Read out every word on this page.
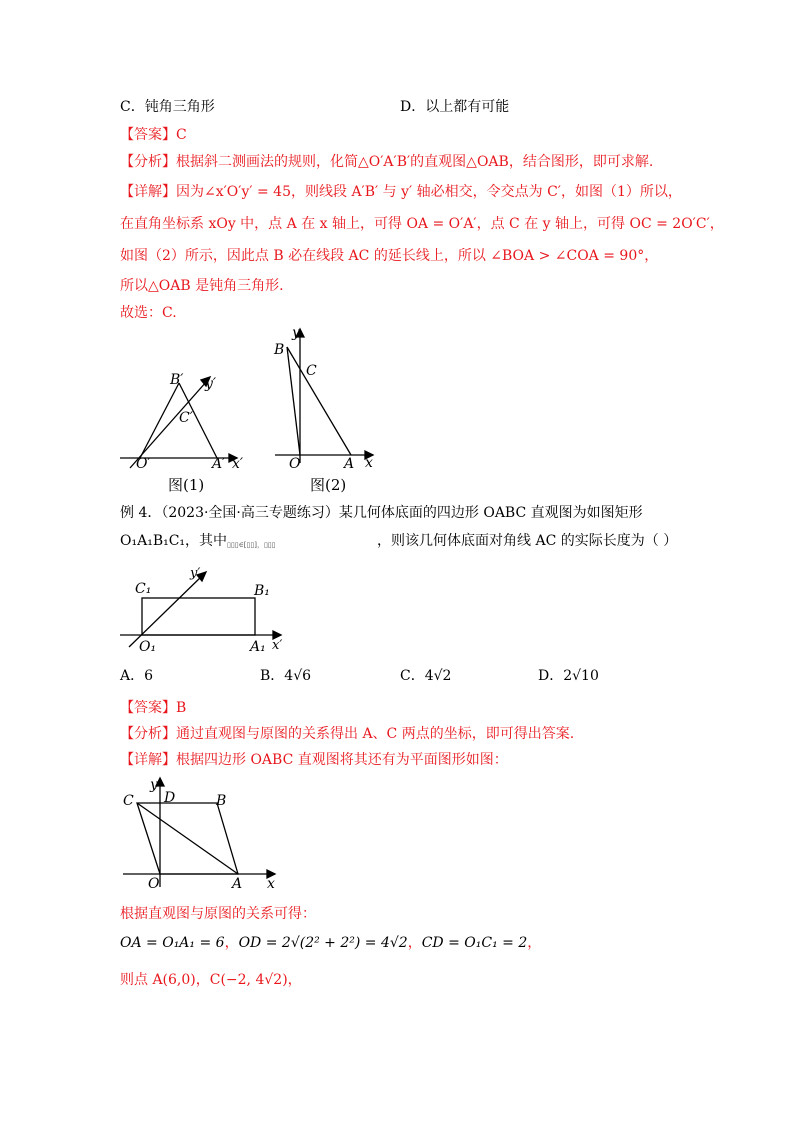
C．钝角三角形	D．以上都有可能
【答案】C
【分析】根据斜二测画法的规则，化简△O′A′B′的直观图△OAB，结合图形，即可求解.
【详解】因为∠x′O′y′ = 45，则线段 A′B′ 与 y′ 轴必相交，令交点为 C′，如图（1）所以，
在直角坐标系 xOy 中，点 A 在 x 轴上，可得 OA = O′A′，点 C 在 y 轴上，可得 OC = 2O′C′，
如图（2）所示，因此点 B 必在线段 AC 的延长线上，所以 ∠BOA > ∠COA = 90°，
所以△OAB 是钝角三角形.
故选：C.
B′
C′
y′
O′	A′ x′
图(1)
y
B
C
O	A x
图(2)
例 4．（2023·全国·高三专题练习）某几何体底面的四边形 OABC 直观图为如图矩形
O₁A₁B₁C₁，其中▯▯▯∈[▯▯]，▯▯▯	，则该几何体底面对角线 AC 的实际长度为（ ）
y′
C₁	B₁
O₁	A₁ x′
A．6	B．4√6	C．4√2	D．2√10
【答案】B
【分析】通过直观图与原图的关系得出 A、C 两点的坐标，即可得出答案.
【详解】根据四边形 OABC 直观图将其还有为平面图形如图：
y
C D	B
O	A x
根据直观图与原图的关系可得：
OA = O₁A₁ = 6，OD = 2√(2² + 2²) = 4√2，CD = O₁C₁ = 2，
则点 A(6,0)，C(−2, 4√2)，
